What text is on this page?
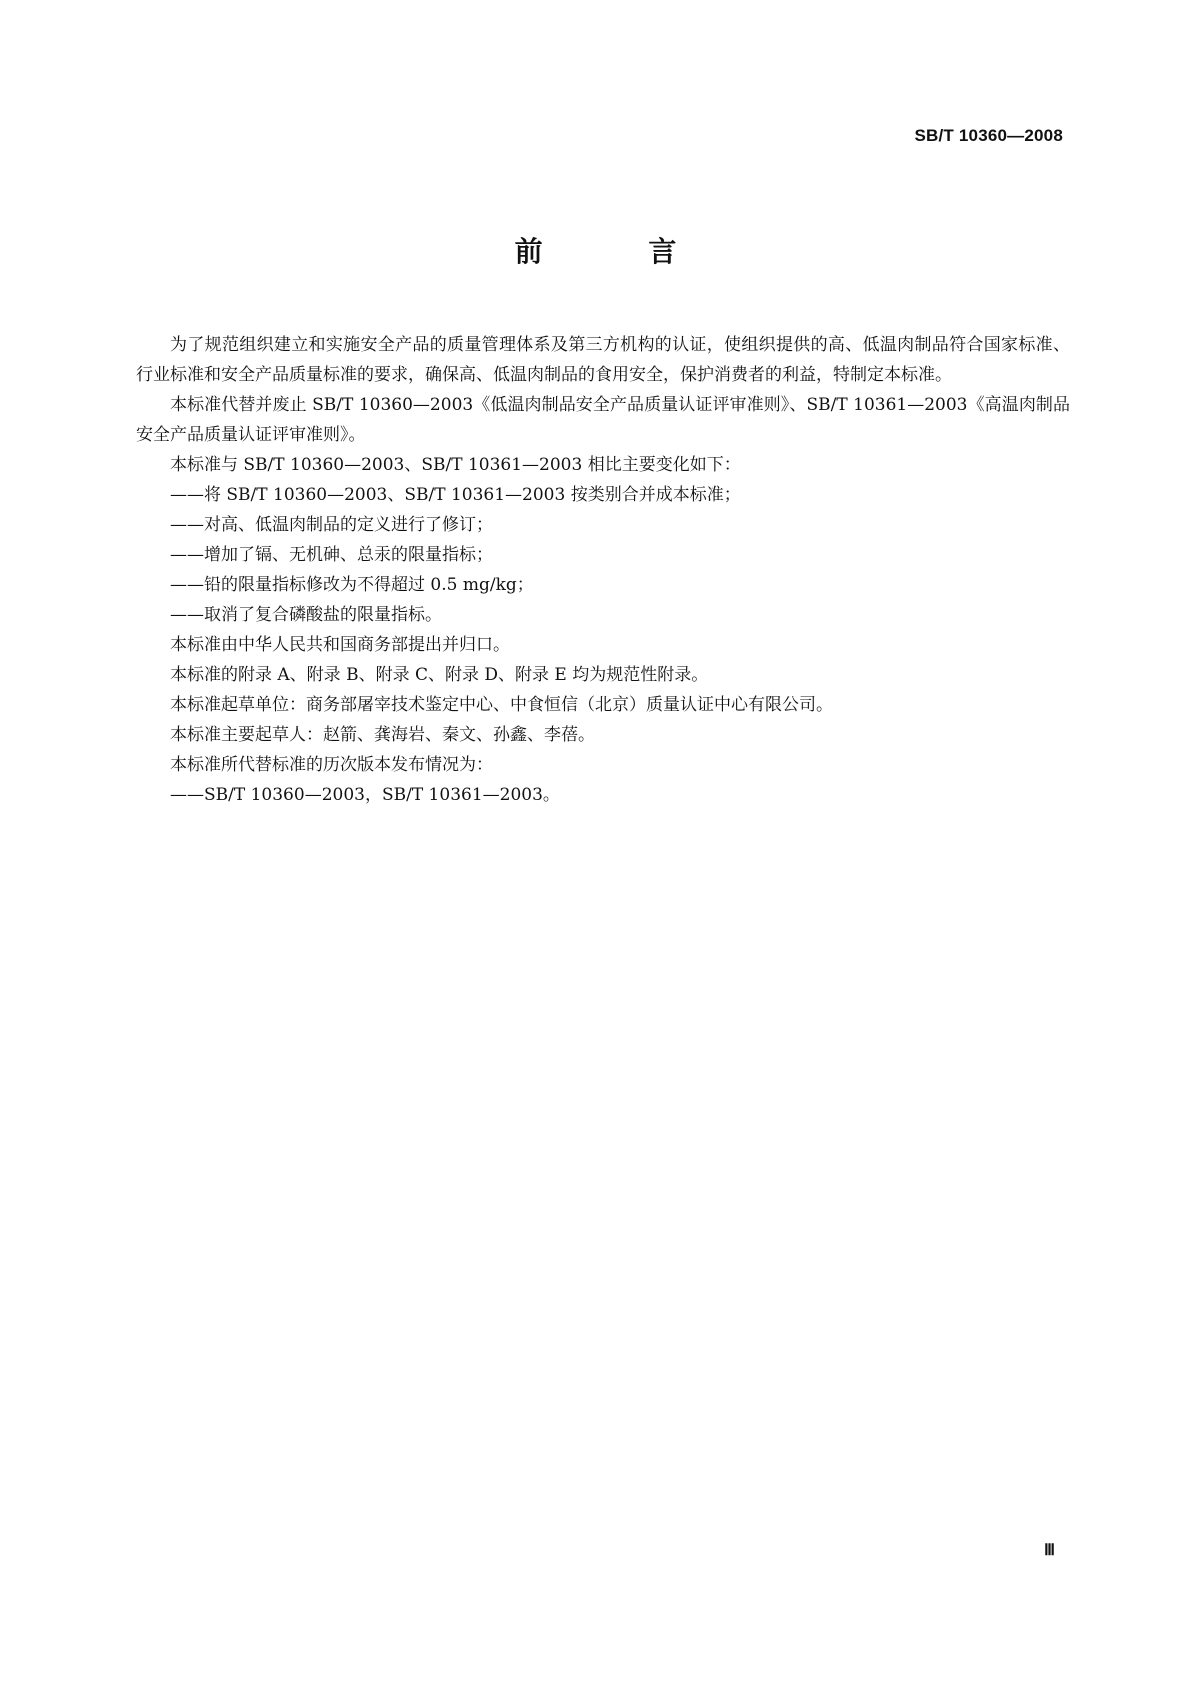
SB/T 10360—2008
前 言

为了规范组织建立和实施安全产品的质量管理体系及第三方机构的认证，使组织提供的高、低温肉制品符合国家标准、行业标准和安全产品质量标准的要求，确保高、低温肉制品的食用安全，保护消费者的利益，特制定本标准。

本标准代替并废止 SB/T 10360—2003《低温肉制品安全产品质量认证评审准则》、SB/T 10361—2003《高温肉制品安全产品质量认证评审准则》。

本标准与 SB/T 10360—2003、SB/T 10361—2003 相比主要变化如下：

——将 SB/T 10360—2003、SB/T 10361—2003 按类别合并成本标准；

——对高、低温肉制品的定义进行了修订；

——增加了镉、无机砷、总汞的限量指标；

——铅的限量指标修改为不得超过 0.5 mg/kg；

——取消了复合磷酸盐的限量指标。

本标准由中华人民共和国商务部提出并归口。

本标准的附录 A、附录 B、附录 C、附录 D、附录 E 均为规范性附录。

本标准起草单位：商务部屠宰技术鉴定中心、中食恒信（北京）质量认证中心有限公司。

本标准主要起草人：赵箭、龚海岩、秦文、孙鑫、李蓓。

本标准所代替标准的历次版本发布情况为：

——SB/T 10360—2003，SB/T 10361—2003。

Ⅲ
